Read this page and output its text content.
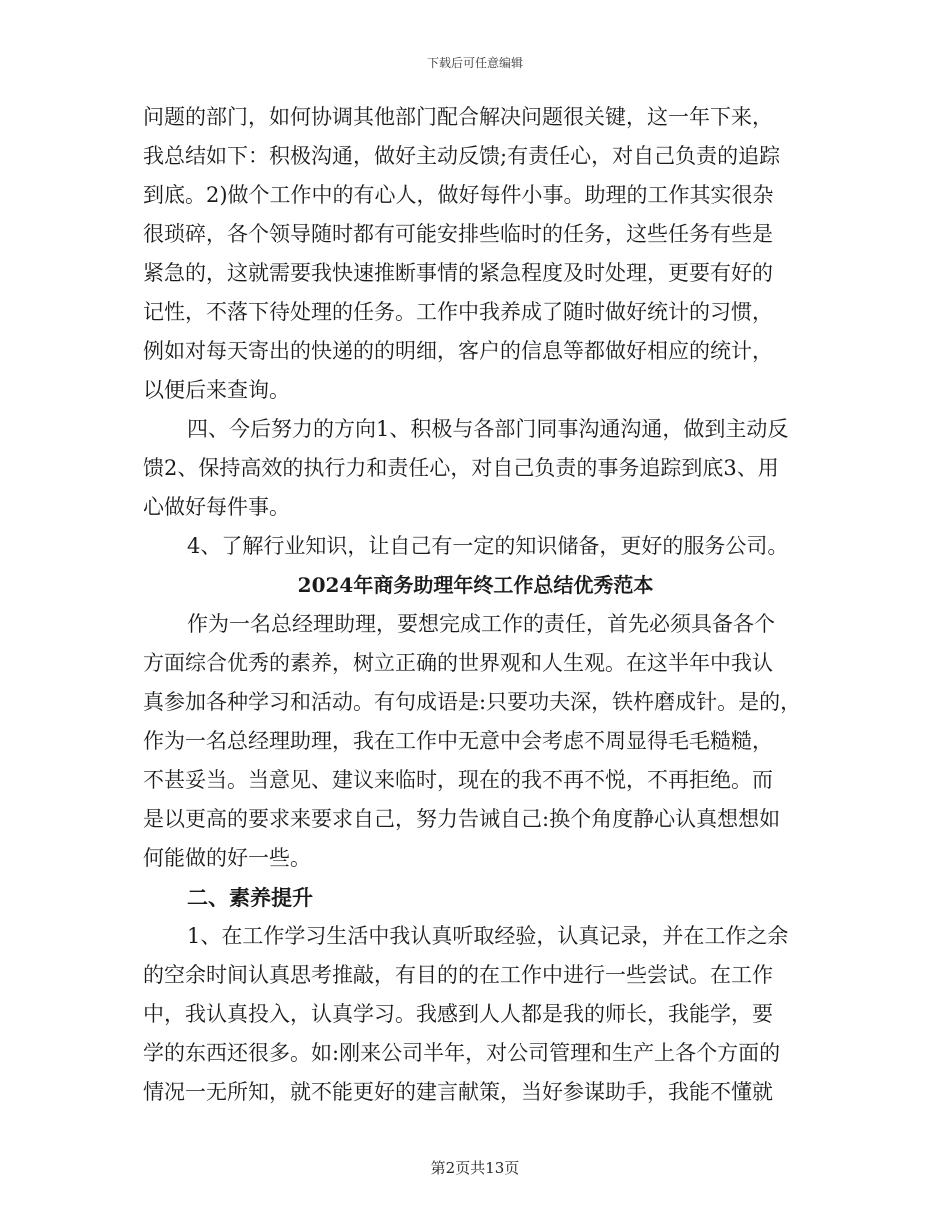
下载后可任意编辑
问题的部门，如何协调其他部门配合解决问题很关键，这一年下来，
我总结如下：积极沟通，做好主动反馈;有责任心，对自己负责的追踪
到底。2)做个工作中的有心人，做好每件小事。助理的工作其实很杂
很琐碎，各个领导随时都有可能安排些临时的任务，这些任务有些是
紧急的，这就需要我快速推断事情的紧急程度及时处理，更要有好的
记性，不落下待处理的任务。工作中我养成了随时做好统计的习惯，
例如对每天寄出的快递的的明细，客户的信息等都做好相应的统计，
以便后来查询。
四、今后努力的方向1、积极与各部门同事沟通沟通，做到主动反
馈2、保持高效的执行力和责任心，对自己负责的事务追踪到底3、用
心做好每件事。
4、了解行业知识，让自己有一定的知识储备，更好的服务公司。
2024年商务助理年终工作总结优秀范本
作为一名总经理助理，要想完成工作的责任，首先必须具备各个
方面综合优秀的素养，树立正确的世界观和人生观。在这半年中我认
真参加各种学习和活动。有句成语是:只要功夫深，铁杵磨成针。是的，
作为一名总经理助理，我在工作中无意中会考虑不周显得毛毛糙糙，
不甚妥当。当意见、建议来临时，现在的我不再不悦，不再拒绝。而
是以更高的要求来要求自己，努力告诫自己:换个角度静心认真想想如
何能做的好一些。
二、素养提升
1、在工作学习生活中我认真听取经验，认真记录，并在工作之余
的空余时间认真思考推敲，有目的的在工作中进行一些尝试。在工作
中，我认真投入，认真学习。我感到人人都是我的师长，我能学，要
学的东西还很多。如:刚来公司半年，对公司管理和生产上各个方面的
情况一无所知，就不能更好的建言献策，当好参谋助手，我能不懂就
第2页共13页
